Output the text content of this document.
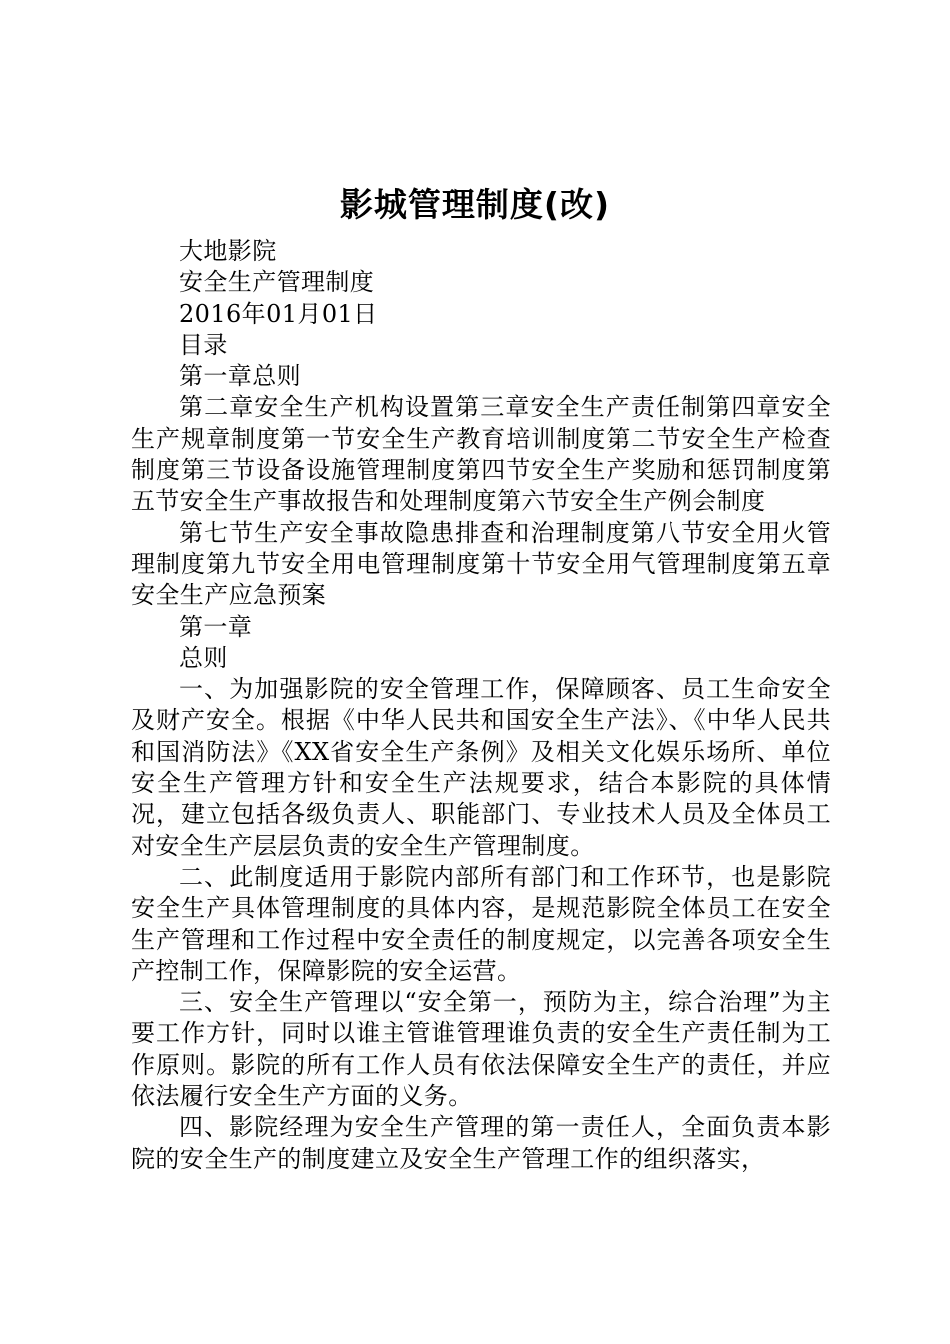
影城管理制度(改)

大地影院

安全生产管理制度

2016年01月01日

目录

第一章总则

第二章安全生产机构设置第三章安全生产责任制第四章安全生产规章制度第一节安全生产教育培训制度第二节安全生产检查制度第三节设备设施管理制度第四节安全生产奖励和惩罚制度第五节安全生产事故报告和处理制度第六节安全生产例会制度

第七节生产安全事故隐患排查和治理制度第八节安全用火管理制度第九节安全用电管理制度第十节安全用气管理制度第五章安全生产应急预案

第一章

总则

一、为加强影院的安全管理工作，保障顾客、员工生命安全及财产安全。根据《中华人民共和国安全生产法》、《中华人民共和国消防法》《XX省安全生产条例》及相关文化娱乐场所、单位安全生产管理方针和安全生产法规要求，结合本影院的具体情况，建立包括各级负责人、职能部门、专业技术人员及全体员工对安全生产层层负责的安全生产管理制度。

二、此制度适用于影院内部所有部门和工作环节，也是影院安全生产具体管理制度的具体内容，是规范影院全体员工在安全生产管理和工作过程中安全责任的制度规定，以完善各项安全生产控制工作，保障影院的安全运营。

三、安全生产管理以“安全第一，预防为主，综合治理”为主要工作方针，同时以谁主管谁管理谁负责的安全生产责任制为工作原则。影院的所有工作人员有依法保障安全生产的责任，并应依法履行安全生产方面的义务。

四、影院经理为安全生产管理的第一责任人，全面负责本影院的安全生产的制度建立及安全生产管理工作的组织落实，
